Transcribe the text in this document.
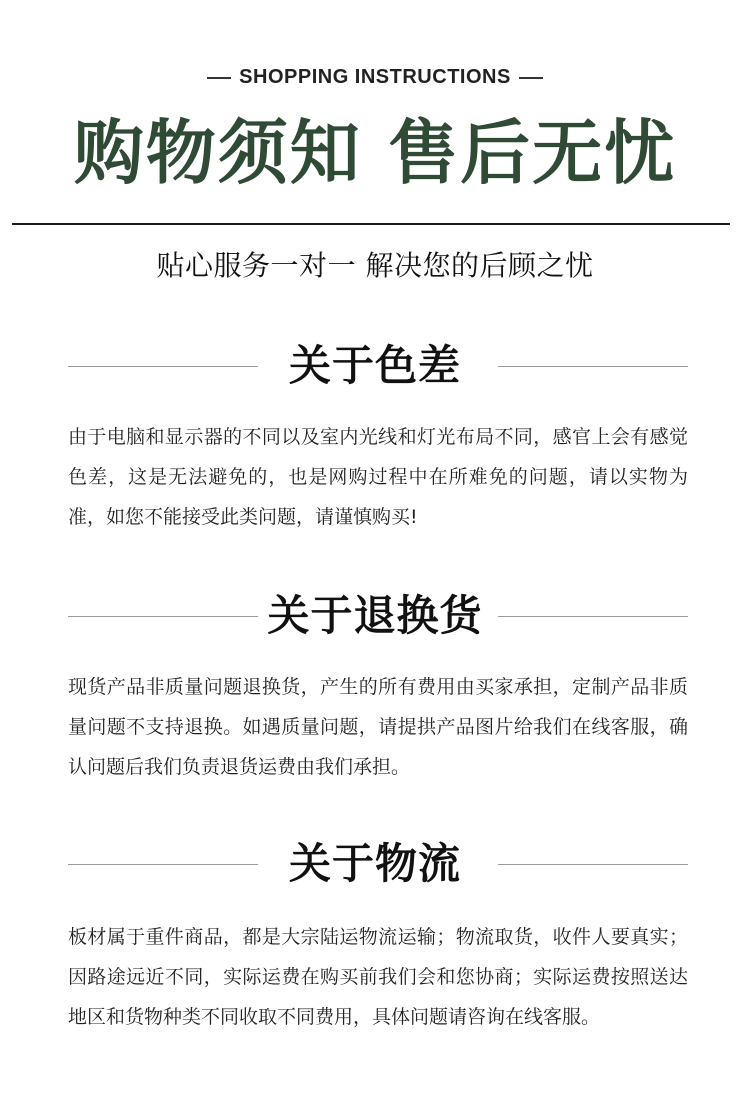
SHOPPING INSTRUCTIONS
购物须知 售后无忧
贴心服务一对一 解决您的后顾之忧
关于色差
由于电脑和显示器的不同以及室内光线和灯光布局不同，感官上会有感觉色差，这是无法避免的，也是网购过程中在所难免的问题，请以实物为准，如您不能接受此类问题，请谨慎购买!
关于退换货
现货产品非质量问题退换货，产生的所有费用由买家承担，定制产品非质量问题不支持退换。如遇质量问题，请提拱产品图片给我们在线客服，确认问题后我们负责退货运费由我们承担。
关于物流
板材属于重件商品，都是大宗陆运物流运输；物流取货，收件人要真实；因路途远近不同，实际运费在购买前我们会和您协商；实际运费按照送达地区和货物种类不同收取不同费用，具体问题请咨询在线客服。
